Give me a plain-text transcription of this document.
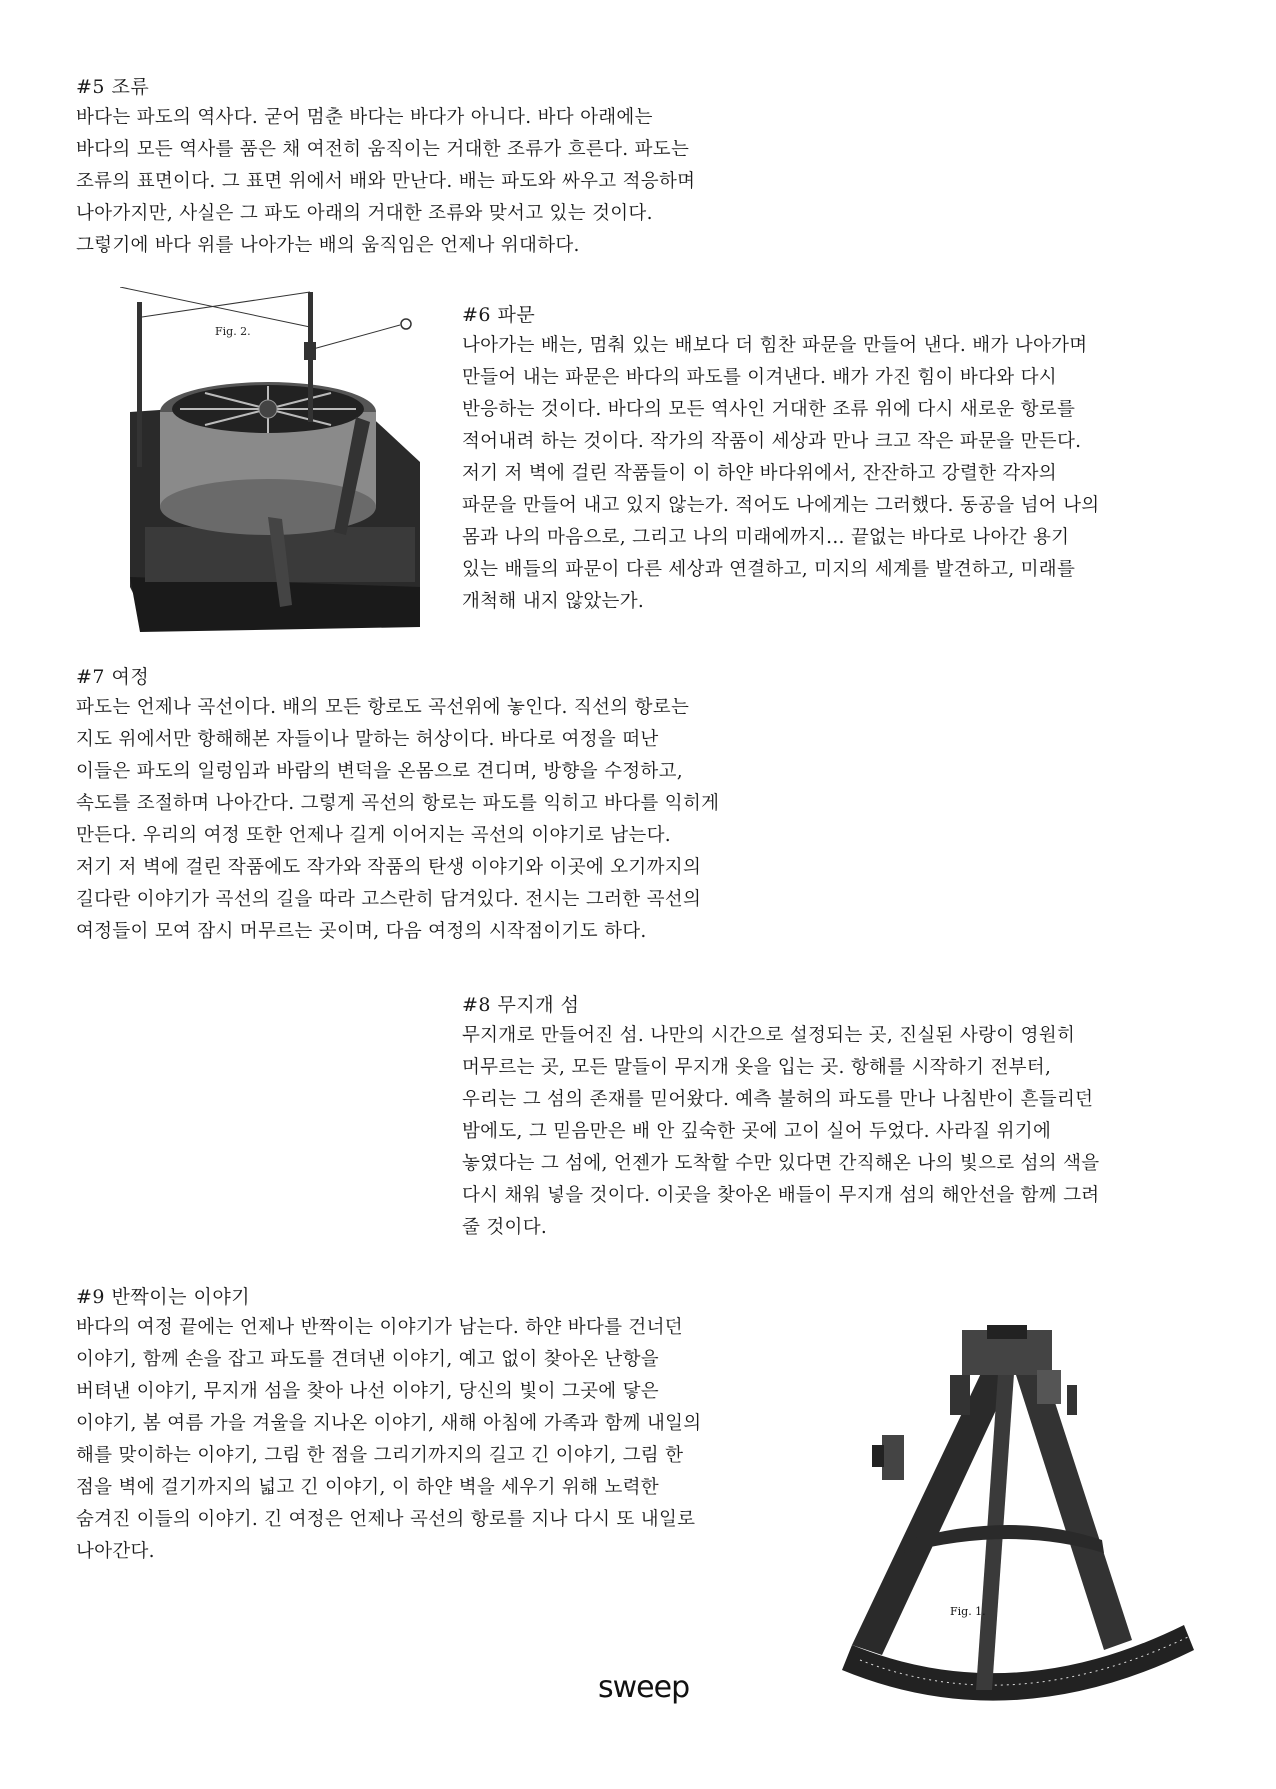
#5 조류

바다는 파도의 역사다. 굳어 멈춘 바다는 바다가 아니다. 바다 아래에는
바다의 모든 역사를 품은 채 여전히 움직이는 거대한 조류가 흐른다. 파도는
조류의 표면이다. 그 표면 위에서 배와 만난다. 배는 파도와 싸우고 적응하며
나아가지만, 사실은 그 파도 아래의 거대한 조류와 맞서고 있는 것이다.
그렇기에 바다 위를 나아가는 배의 움직임은 언제나 위대하다.

Fig. 2.
#6 파문

나아가는 배는, 멈춰 있는 배보다 더 힘찬 파문을 만들어 낸다. 배가 나아가며
만들어 내는 파문은 바다의 파도를 이겨낸다. 배가 가진 힘이 바다와 다시
반응하는 것이다. 바다의 모든 역사인 거대한 조류 위에 다시 새로운 항로를
적어내려 하는 것이다. 작가의 작품이 세상과 만나 크고 작은 파문을 만든다.
저기 저 벽에 걸린 작품들이 이 하얀 바다위에서, 잔잔하고 강렬한 각자의
파문을 만들어 내고 있지 않는가. 적어도 나에게는 그러했다. 동공을 넘어 나의
몸과 나의 마음으로, 그리고 나의 미래에까지... 끝없는 바다로 나아간 용기
있는 배들의 파문이 다른 세상과 연결하고, 미지의 세계를 발견하고, 미래를
개척해 내지 않았는가.

#7 여정

파도는 언제나 곡선이다. 배의 모든 항로도 곡선위에 놓인다. 직선의 항로는
지도 위에서만 항해해본 자들이나 말하는 허상이다. 바다로 여정을 떠난
이들은 파도의 일렁임과 바람의 변덕을 온몸으로 견디며, 방향을 수정하고,
속도를 조절하며 나아간다. 그렇게 곡선의 항로는 파도를 익히고 바다를 익히게
만든다. 우리의 여정 또한 언제나 길게 이어지는 곡선의 이야기로 남는다.
저기 저 벽에 걸린 작품에도 작가와 작품의 탄생 이야기와 이곳에 오기까지의
길다란 이야기가 곡선의 길을 따라 고스란히 담겨있다. 전시는 그러한 곡선의
여정들이 모여 잠시 머무르는 곳이며, 다음 여정의 시작점이기도 하다.

#8 무지개 섬

무지개로 만들어진 섬. 나만의 시간으로 설정되는 곳, 진실된 사랑이 영원히
머무르는 곳, 모든 말들이 무지개 옷을 입는 곳. 항해를 시작하기 전부터,
우리는 그 섬의 존재를 믿어왔다. 예측 불허의 파도를 만나 나침반이 흔들리던
밤에도, 그 믿음만은 배 안 깊숙한 곳에 고이 실어 두었다. 사라질 위기에
놓였다는 그 섬에, 언젠가 도착할 수만 있다면 간직해온 나의 빛으로 섬의 색을
다시 채워 넣을 것이다. 이곳을 찾아온 배들이 무지개 섬의 해안선을 함께 그려
줄 것이다.

#9 반짝이는 이야기

바다의 여정 끝에는 언제나 반짝이는 이야기가 남는다. 하얀 바다를 건너던
이야기, 함께 손을 잡고 파도를 견뎌낸 이야기, 예고 없이 찾아온 난항을
버텨낸 이야기, 무지개 섬을 찾아 나선 이야기, 당신의 빛이 그곳에 닿은
이야기, 봄 여름 가을 겨울을 지나온 이야기, 새해 아침에 가족과 함께 내일의
해를 맞이하는 이야기, 그림 한 점을 그리기까지의 길고 긴 이야기, 그림 한
점을 벽에 걸기까지의 넓고 긴 이야기, 이 하얀 벽을 세우기 위해 노력한
숨겨진 이들의 이야기. 긴 여정은 언제나 곡선의 항로를 지나 다시 또 내일로
나아간다.

Fig. 1.
sweep
